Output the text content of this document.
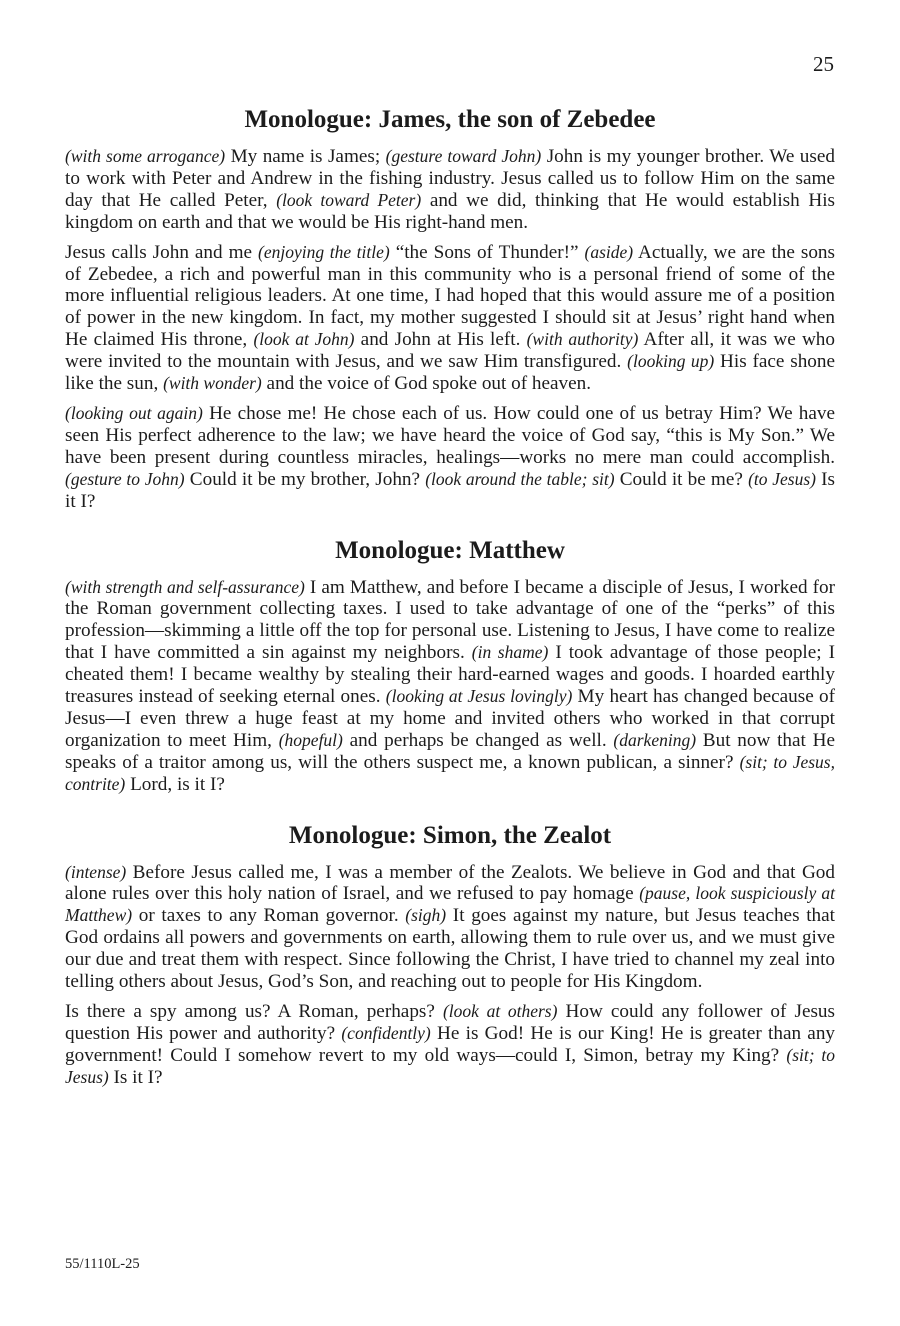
25
Monologue: James, the son of Zebedee

(with some arrogance) My name is James; (gesture toward John) John is my younger brother. We used to work with Peter and Andrew in the fishing industry. Jesus called us to follow Him on the same day that He called Peter, (look toward Peter) and we did, thinking that He would establish His kingdom on earth and that we would be His right-hand men.

Jesus calls John and me (enjoying the title) “the Sons of Thunder!” (aside) Actually, we are the sons of Zebedee, a rich and powerful man in this community who is a personal friend of some of the more influential religious leaders. At one time, I had hoped that this would assure me of a position of power in the new kingdom. In fact, my mother suggested I should sit at Jesus’ right hand when He claimed His throne, (look at John) and John at His left. (with authority) After all, it was we who were invited to the mountain with Jesus, and we saw Him transfigured. (looking up) His face shone like the sun, (with wonder) and the voice of God spoke out of heaven.

(looking out again) He chose me! He chose each of us. How could one of us betray Him? We have seen His perfect adherence to the law; we have heard the voice of God say, “this is My Son.” We have been present during countless miracles, healings—works no mere man could accomplish. (gesture to John) Could it be my brother, John? (look around the table; sit) Could it be me? (to Jesus) Is it I?

Monologue: Matthew

(with strength and self-assurance) I am Matthew, and before I became a disciple of Jesus, I worked for the Roman government collecting taxes. I used to take advantage of one of the “perks” of this profession—skimming a little off the top for personal use. Listening to Jesus, I have come to realize that I have committed a sin against my neighbors. (in shame) I took advantage of those people; I cheated them! I became wealthy by stealing their hard-earned wages and goods. I hoarded earthly treasures instead of seeking eternal ones. (looking at Jesus lovingly) My heart has changed because of Jesus—I even threw a huge feast at my home and invited others who worked in that corrupt organization to meet Him, (hopeful) and perhaps be changed as well. (darkening) But now that He speaks of a traitor among us, will the others suspect me, a known publican, a sinner? (sit; to Jesus, contrite) Lord, is it I?

Monologue: Simon, the Zealot

(intense) Before Jesus called me, I was a member of the Zealots. We believe in God and that God alone rules over this holy nation of Israel, and we refused to pay homage (pause, look suspiciously at Matthew) or taxes to any Roman governor. (sigh) It goes against my nature, but Jesus teaches that God ordains all powers and governments on earth, allowing them to rule over us, and we must give our due and treat them with respect. Since following the Christ, I have tried to channel my zeal into telling others about Jesus, God’s Son, and reaching out to people for His Kingdom.

Is there a spy among us? A Roman, perhaps? (look at others) How could any follower of Jesus question His power and authority? (confidently) He is God! He is our King! He is greater than any government! Could I somehow revert to my old ways—could I, Simon, betray my King? (sit; to Jesus) Is it I?

55/1110L-25
